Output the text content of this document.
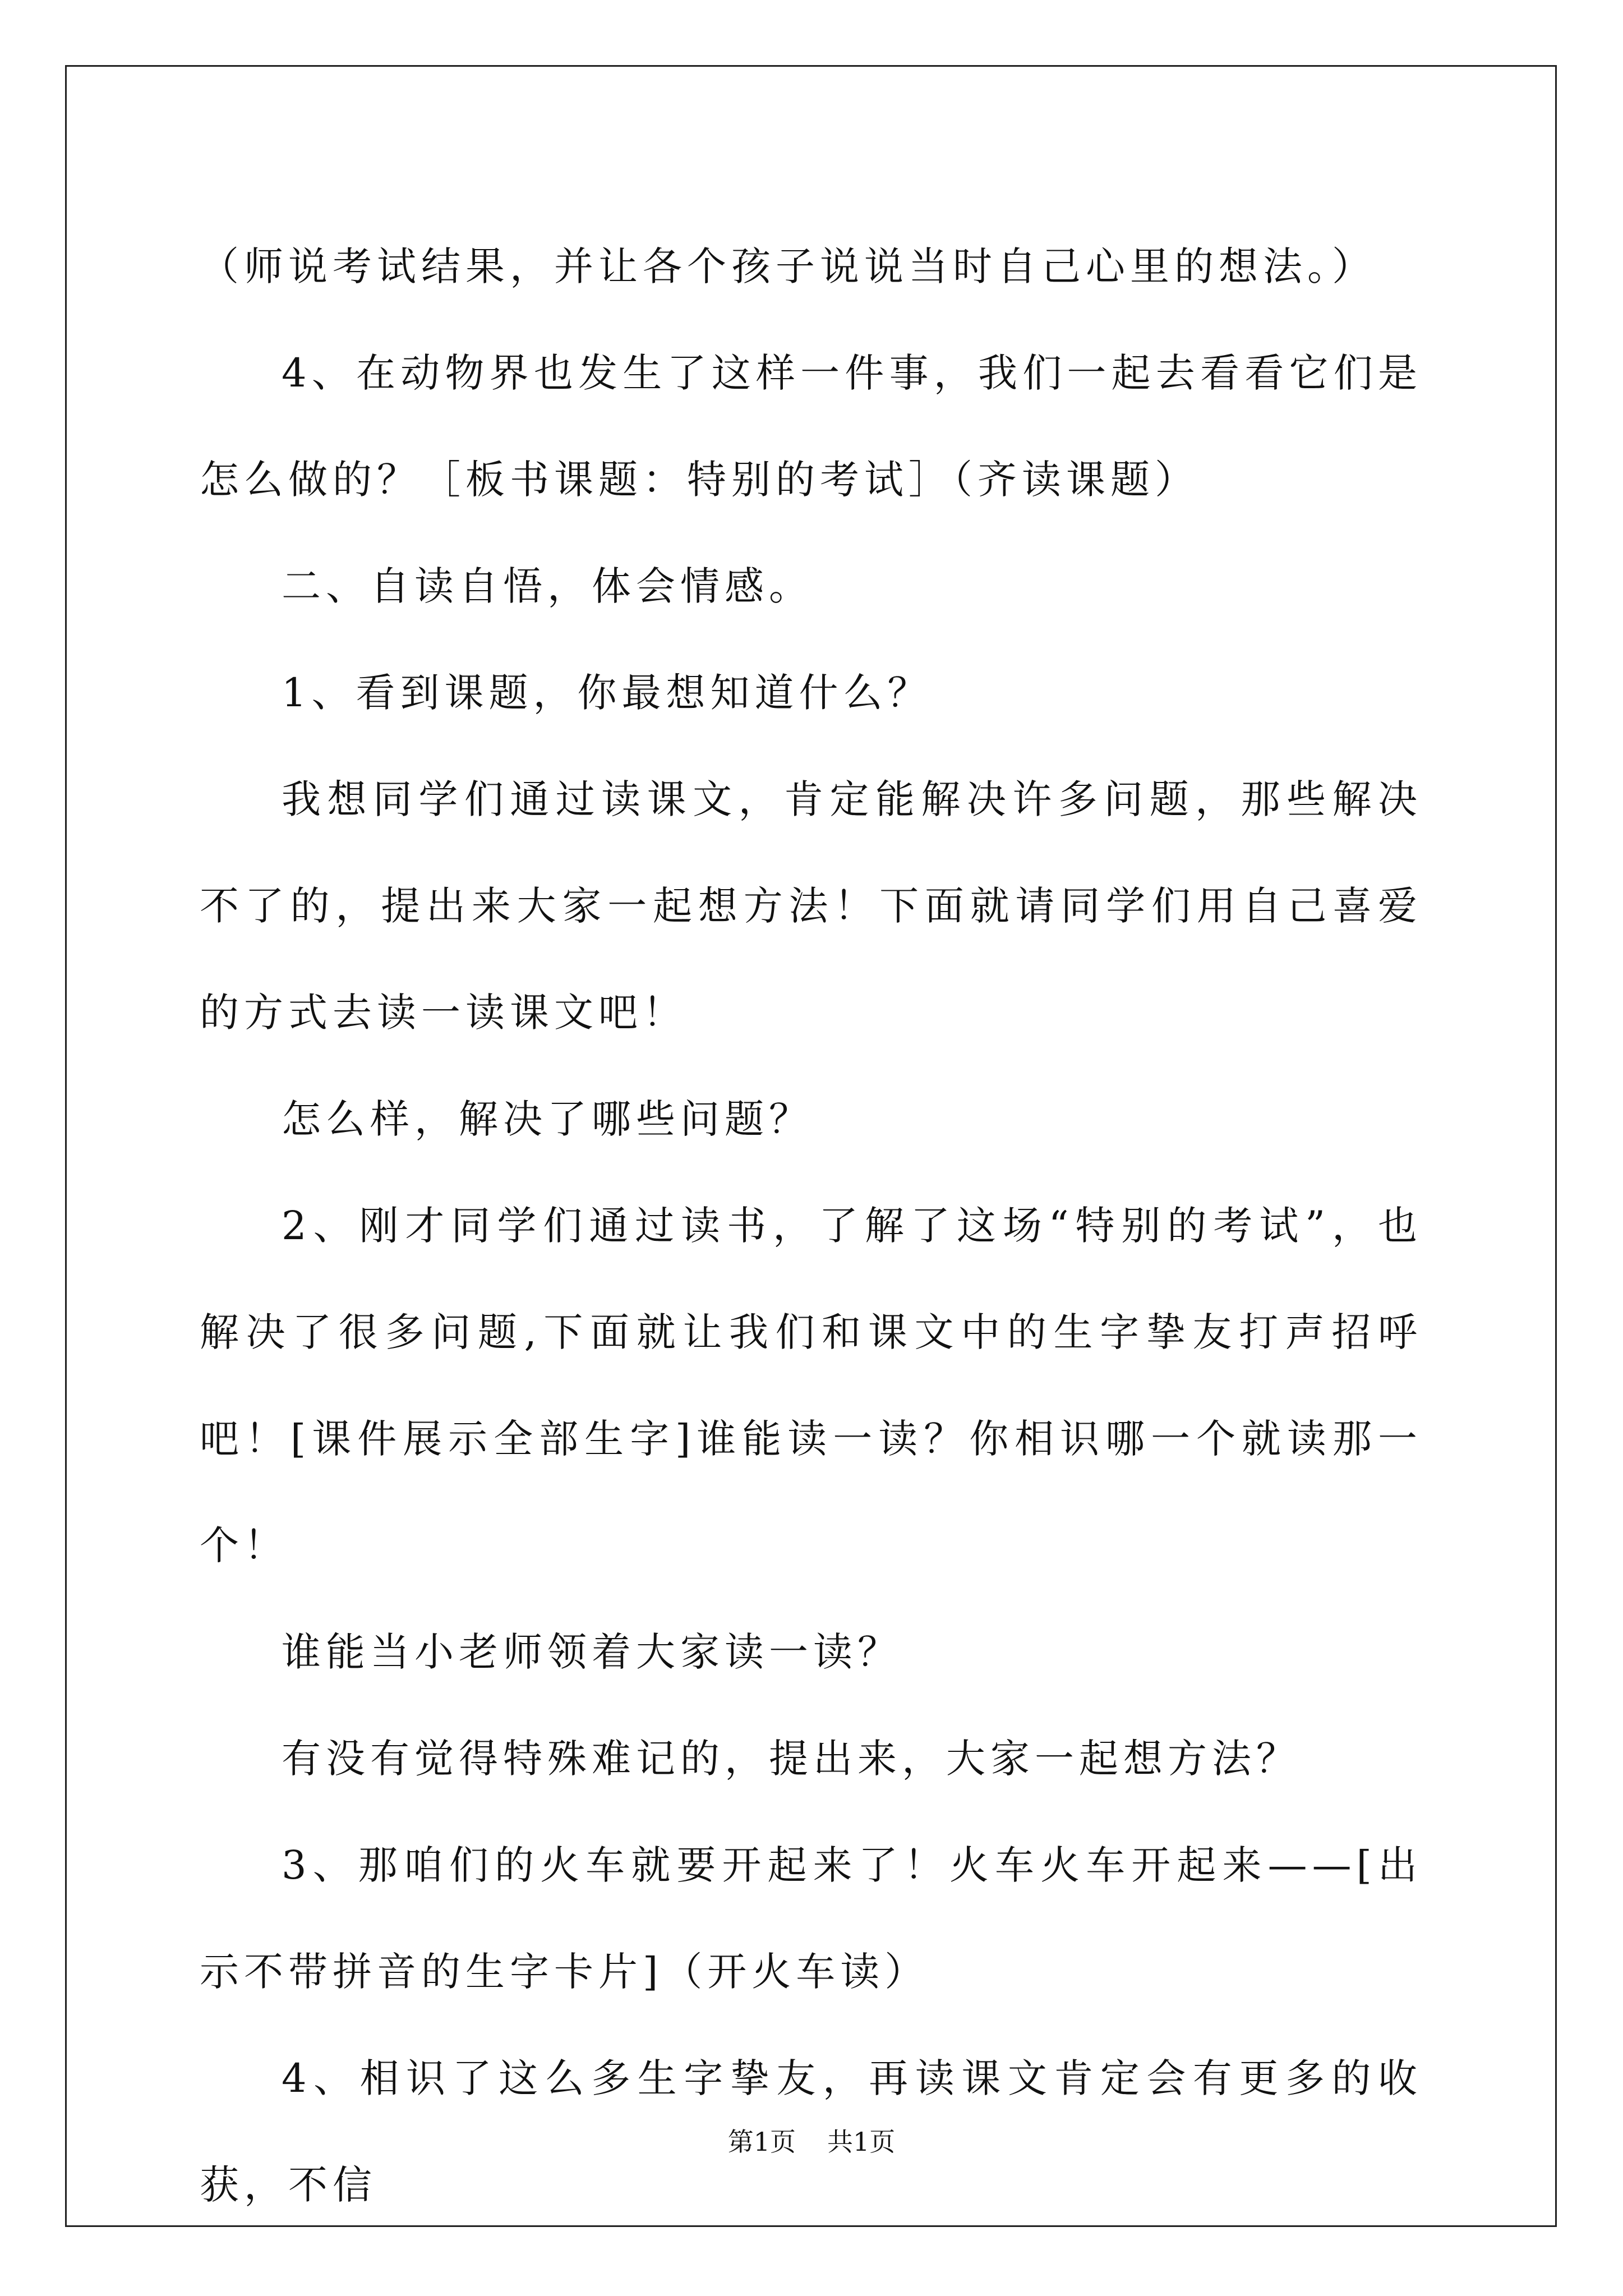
（师说考试结果，并让各个孩子说说当时自己心里的想法。）

4、在动物界也发生了这样一件事，我们一起去看看它们是怎么做的？［板书课题：特别的考试］（齐读课题）

二、自读自悟，体会情感。

1、看到课题，你最想知道什么？

我想同学们通过读课文，肯定能解决许多问题，那些解决不了的，提出来大家一起想方法！下面就请同学们用自己喜爱的方式去读一读课文吧！

怎么样，解决了哪些问题？

2、刚才同学们通过读书，了解了这场“特别的考试”，也解决了很多问题,下面就让我们和课文中的生字挚友打声招呼吧！[课件展示全部生字]谁能读一读？你相识哪一个就读那一个！

谁能当小老师领着大家读一读？

有没有觉得特殊难记的，提出来，大家一起想方法？

3、那咱们的火车就要开起来了！火车火车开起来——[出示不带拼音的生字卡片]（开火车读）

4、相识了这么多生字挚友，再读课文肯定会有更多的收获，不信

第1页 共1页
